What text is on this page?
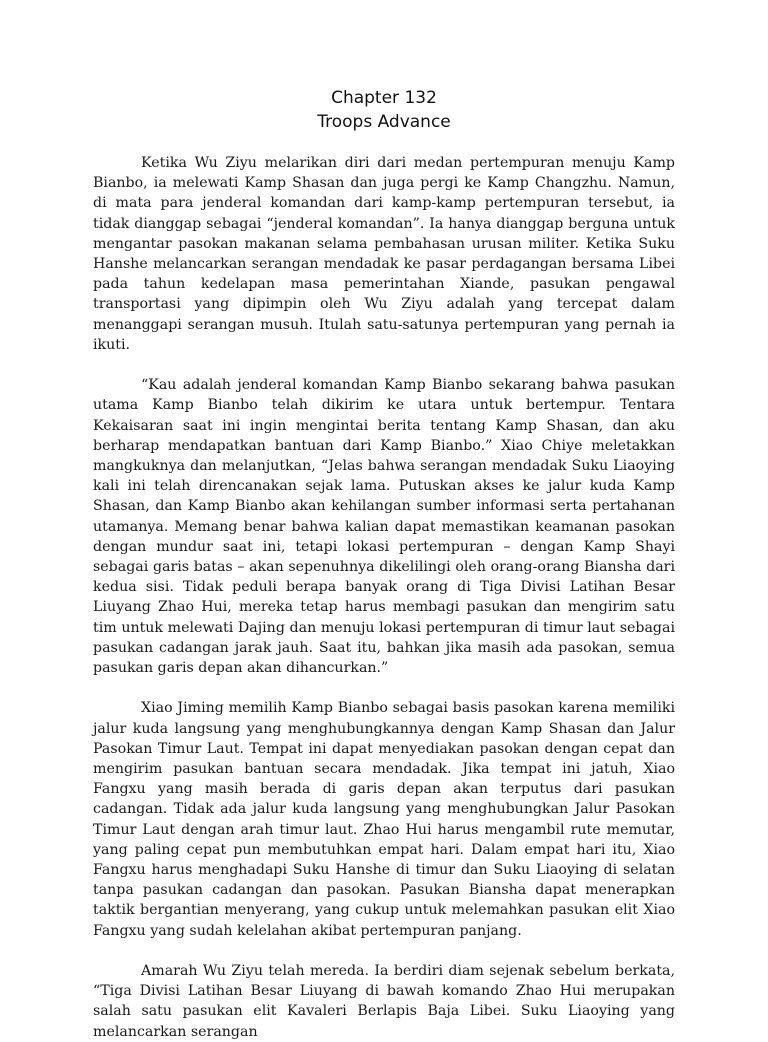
Chapter 132
Troops Advance

Ketika Wu Ziyu melarikan diri dari medan pertempuran menuju Kamp Bianbo, ia melewati Kamp Shasan dan juga pergi ke Kamp Changzhu. Namun, di mata para jenderal komandan dari kamp-kamp pertempuran tersebut, ia tidak dianggap sebagai “jenderal komandan”. Ia hanya dianggap berguna untuk mengantar pasokan makanan selama pembahasan urusan militer. Ketika Suku Hanshe melancarkan serangan mendadak ke pasar perdagangan bersama Libei pada tahun kedelapan masa pemerintahan Xiande, pasukan pengawal transportasi yang dipimpin oleh Wu Ziyu adalah yang tercepat dalam menanggapi serangan musuh. Itulah satu-satunya pertempuran yang pernah ia ikuti.

“Kau adalah jenderal komandan Kamp Bianbo sekarang bahwa pasukan utama Kamp Bianbo telah dikirim ke utara untuk bertempur. Tentara Kekaisaran saat ini ingin mengintai berita tentang Kamp Shasan, dan aku berharap mendapatkan bantuan dari Kamp Bianbo.” Xiao Chiye meletakkan mangkuknya dan melanjutkan, “Jelas bahwa serangan mendadak Suku Liaoying kali ini telah direncanakan sejak lama. Putuskan akses ke jalur kuda Kamp Shasan, dan Kamp Bianbo akan kehilangan sumber informasi serta pertahanan utamanya. Memang benar bahwa kalian dapat memastikan keamanan pasokan dengan mundur saat ini, tetapi lokasi pertempuran – dengan Kamp Shayi sebagai garis batas – akan sepenuhnya dikelilingi oleh orang-orang Biansha dari kedua sisi. Tidak peduli berapa banyak orang di Tiga Divisi Latihan Besar Liuyang Zhao Hui, mereka tetap harus membagi pasukan dan mengirim satu tim untuk melewati Dajing dan menuju lokasi pertempuran di timur laut sebagai pasukan cadangan jarak jauh. Saat itu, bahkan jika masih ada pasokan, semua pasukan garis depan akan dihancurkan.”

Xiao Jiming memilih Kamp Bianbo sebagai basis pasokan karena memiliki jalur kuda langsung yang menghubungkannya dengan Kamp Shasan dan Jalur Pasokan Timur Laut. Tempat ini dapat menyediakan pasokan dengan cepat dan mengirim pasukan bantuan secara mendadak. Jika tempat ini jatuh, Xiao Fangxu yang masih berada di garis depan akan terputus dari pasukan cadangan. Tidak ada jalur kuda langsung yang menghubungkan Jalur Pasokan Timur Laut dengan arah timur laut. Zhao Hui harus mengambil rute memutar, yang paling cepat pun membutuhkan empat hari. Dalam empat hari itu, Xiao Fangxu harus menghadapi Suku Hanshe di timur dan Suku Liaoying di selatan tanpa pasukan cadangan dan pasokan. Pasukan Biansha dapat menerapkan taktik bergantian menyerang, yang cukup untuk melemahkan pasukan elit Xiao Fangxu yang sudah kelelahan akibat pertempuran panjang.

Amarah Wu Ziyu telah mereda. Ia berdiri diam sejenak sebelum berkata, “Tiga Divisi Latihan Besar Liuyang di bawah komando Zhao Hui merupakan salah satu pasukan elit Kavaleri Berlapis Baja Libei. Suku Liaoying yang melancarkan serangan
